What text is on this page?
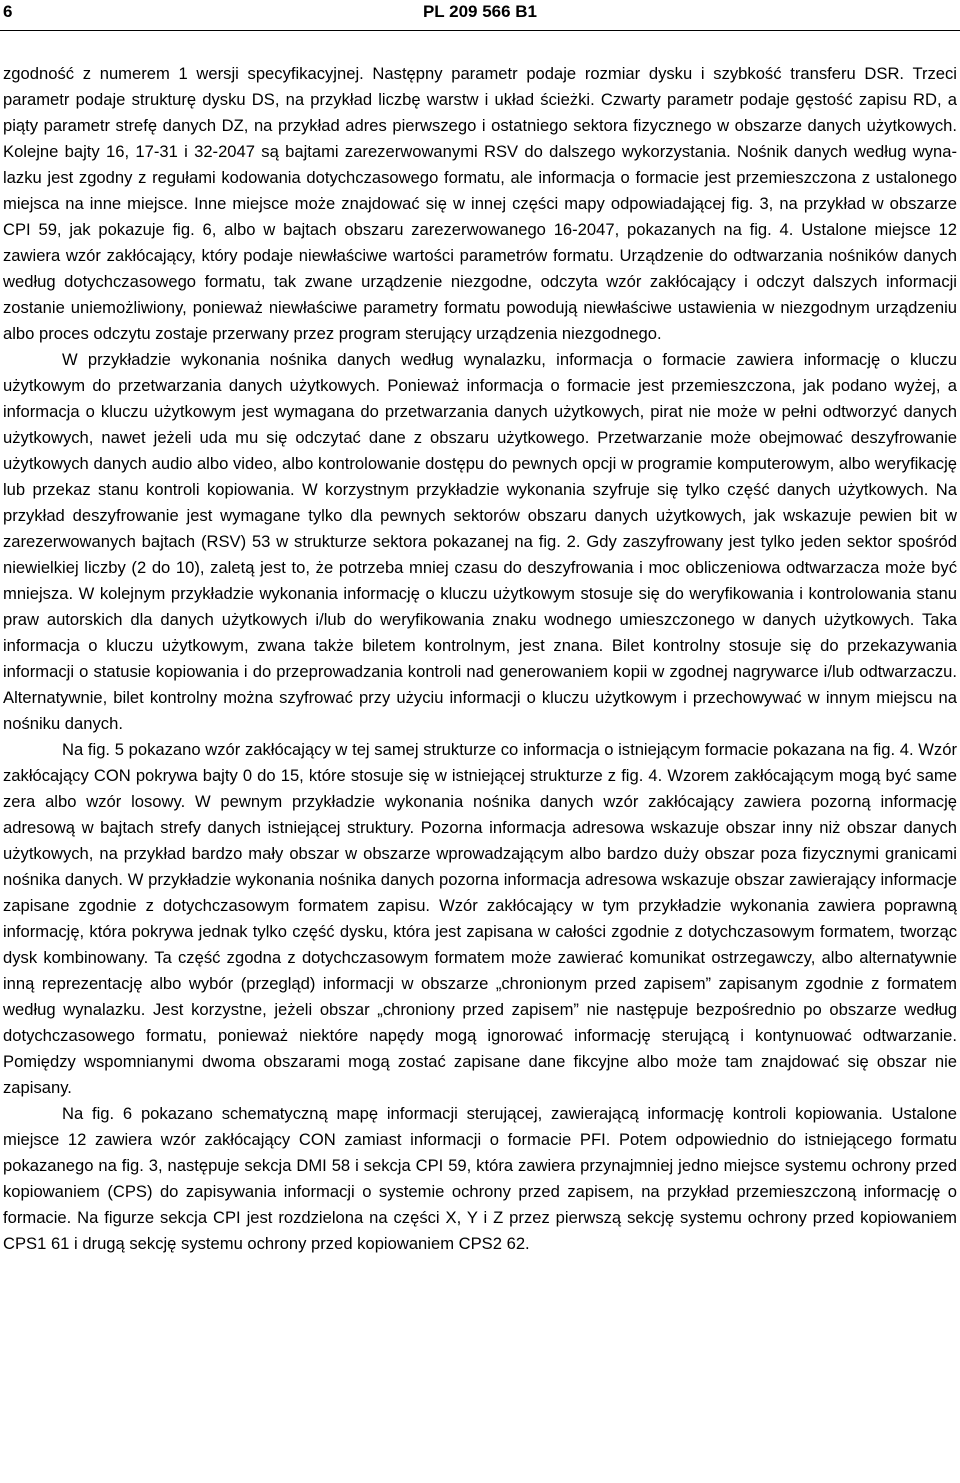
6	PL 209 566 B1

zgodność z numerem 1 wersji specyfikacyjnej. Następny parametr podaje rozmiar dysku i szybkość transferu DSR. Trzeci parametr podaje strukturę dysku DS, na przykład liczbę warstw i układ ścieżki. Czwarty parametr podaje gęstość zapisu RD, a piąty parametr strefę danych DZ, na przykład adres pierwszego i ostatniego sektora fizycznego w obszarze danych użytkowych. Kolejne bajty 16, 17-31 i 32-2047 są bajtami zarezerwowanymi RSV do dalszego wykorzystania. Nośnik danych według wynalazku jest zgodny z regułami kodowania dotychczasowego formatu, ale informacja o formacie jest przemieszczona z ustalonego miejsca na inne miejsce. Inne miejsce może znajdować się w innej części mapy odpowiadającej fig. 3, na przykład w obszarze CPI 59, jak pokazuje fig. 6, albo w bajtach obszaru zarezerwowanego 16-2047, pokazanych na fig. 4. Ustalone miejsce 12 zawiera wzór zakłócający, który podaje niewłaściwe wartości parametrów formatu. Urządzenie do odtwarzania nośników danych według dotychczasowego formatu, tak zwane urządzenie niezgodne, odczyta wzór zakłócający i odczyt dalszych informacji zostanie uniemożliwiony, ponieważ niewłaściwe parametry formatu powodują niewłaściwe ustawienia w niezgodnym urządzeniu albo proces odczytu zostaje przerwany przez program sterujący urządzenia niezgodnego.

W przykładzie wykonania nośnika danych według wynalazku, informacja o formacie zawiera informację o kluczu użytkowym do przetwarzania danych użytkowych. Ponieważ informacja o formacie jest przemieszczona, jak podano wyżej, a informacja o kluczu użytkowym jest wymagana do przetwarzania danych użytkowych, pirat nie może w pełni odtworzyć danych użytkowych, nawet jeżeli uda mu się odczytać dane z obszaru użytkowego. Przetwarzanie może obejmować deszyfrowanie użytkowych danych audio albo video, albo kontrolowanie dostępu do pewnych opcji w programie komputerowym, albo weryfikację lub przekaz stanu kontroli kopiowania. W korzystnym przykładzie wykonania szyfruje się tylko część danych użytkowych. Na przykład deszyfrowanie jest wymagane tylko dla pewnych sektorów obszaru danych użytkowych, jak wskazuje pewien bit w zarezerwowanych bajtach (RSV) 53 w strukturze sektora pokazanej na fig. 2. Gdy zaszyfrowany jest tylko jeden sektor spośród niewielkiej liczby (2 do 10), zaletą jest to, że potrzeba mniej czasu do deszyfrowania i moc obliczeniowa odtwarzacza może być mniejsza. W kolejnym przykładzie wykonania informację o kluczu użytkowym stosuje się do weryfikowania i kontrolowania stanu praw autorskich dla danych użytkowych i/lub do weryfikowania znaku wodnego umieszczonego w danych użytkowych. Taka informacja o kluczu użytkowym, zwana także biletem kontrolnym, jest znana. Bilet kontrolny stosuje się do przekazywania informacji o statusie kopiowania i do przeprowadzania kontroli nad generowaniem kopii w zgodnej nagrywarce i/lub odtwarzaczu. Alternatywnie, bilet kontrolny można szyfrować przy użyciu informacji o kluczu użytkowym i przechowywać w innym miejscu na nośniku danych.

Na fig. 5 pokazano wzór zakłócający w tej samej strukturze co informacja o istniejącym formacie pokazana na fig. 4. Wzór zakłócający CON pokrywa bajty 0 do 15, które stosuje się w istniejącej strukturze z fig. 4. Wzorem zakłócającym mogą być same zera albo wzór losowy. W pewnym przykładzie wykonania nośnika danych wzór zakłócający zawiera pozorną informację adresową w bajtach strefy danych istniejącej struktury. Pozorna informacja adresowa wskazuje obszar inny niż obszar danych użytkowych, na przykład bardzo mały obszar w obszarze wprowadzającym albo bardzo duży obszar poza fizycznymi granicami nośnika danych. W przykładzie wykonania nośnika danych pozorna informacja adresowa wskazuje obszar zawierający informacje zapisane zgodnie z dotychczasowym formatem zapisu. Wzór zakłócający w tym przykładzie wykonania zawiera poprawną informację, która pokrywa jednak tylko część dysku, która jest zapisana w całości zgodnie z dotychczasowym formatem, tworząc dysk kombinowany. Ta część zgodna z dotychczasowym formatem może zawierać komunikat ostrzegawczy, albo alternatywnie inną reprezentację albo wybór (przegląd) informacji w obszarze „chronionym przed zapisem” zapisanym zgodnie z formatem według wynalazku. Jest korzystne, jeżeli obszar „chroniony przed zapisem” nie następuje bezpośrednio po obszarze według dotychczasowego formatu, ponieważ niektóre napędy mogą ignorować informację sterującą i kontynuować odtwarzanie. Pomiędzy wspomnianymi dwoma obszarami mogą zostać zapisane dane fikcyjne albo może tam znajdować się obszar nie zapisany.

Na fig. 6 pokazano schematyczną mapę informacji sterującej, zawierającą informację kontroli kopiowania. Ustalone miejsce 12 zawiera wzór zakłócający CON zamiast informacji o formacie PFI. Potem odpowiednio do istniejącego formatu pokazanego na fig. 3, następuje sekcja DMI 58 i sekcja CPI 59, która zawiera przynajmniej jedno miejsce systemu ochrony przed kopiowaniem (CPS) do zapisywania informacji o systemie ochrony przed zapisem, na przykład przemieszczoną informację o formacie. Na figurze sekcja CPI jest rozdzielona na części X, Y i Z przez pierwszą sekcję systemu ochrony przed kopiowaniem CPS1 61 i drugą sekcję systemu ochrony przed kopiowaniem CPS2 62.
